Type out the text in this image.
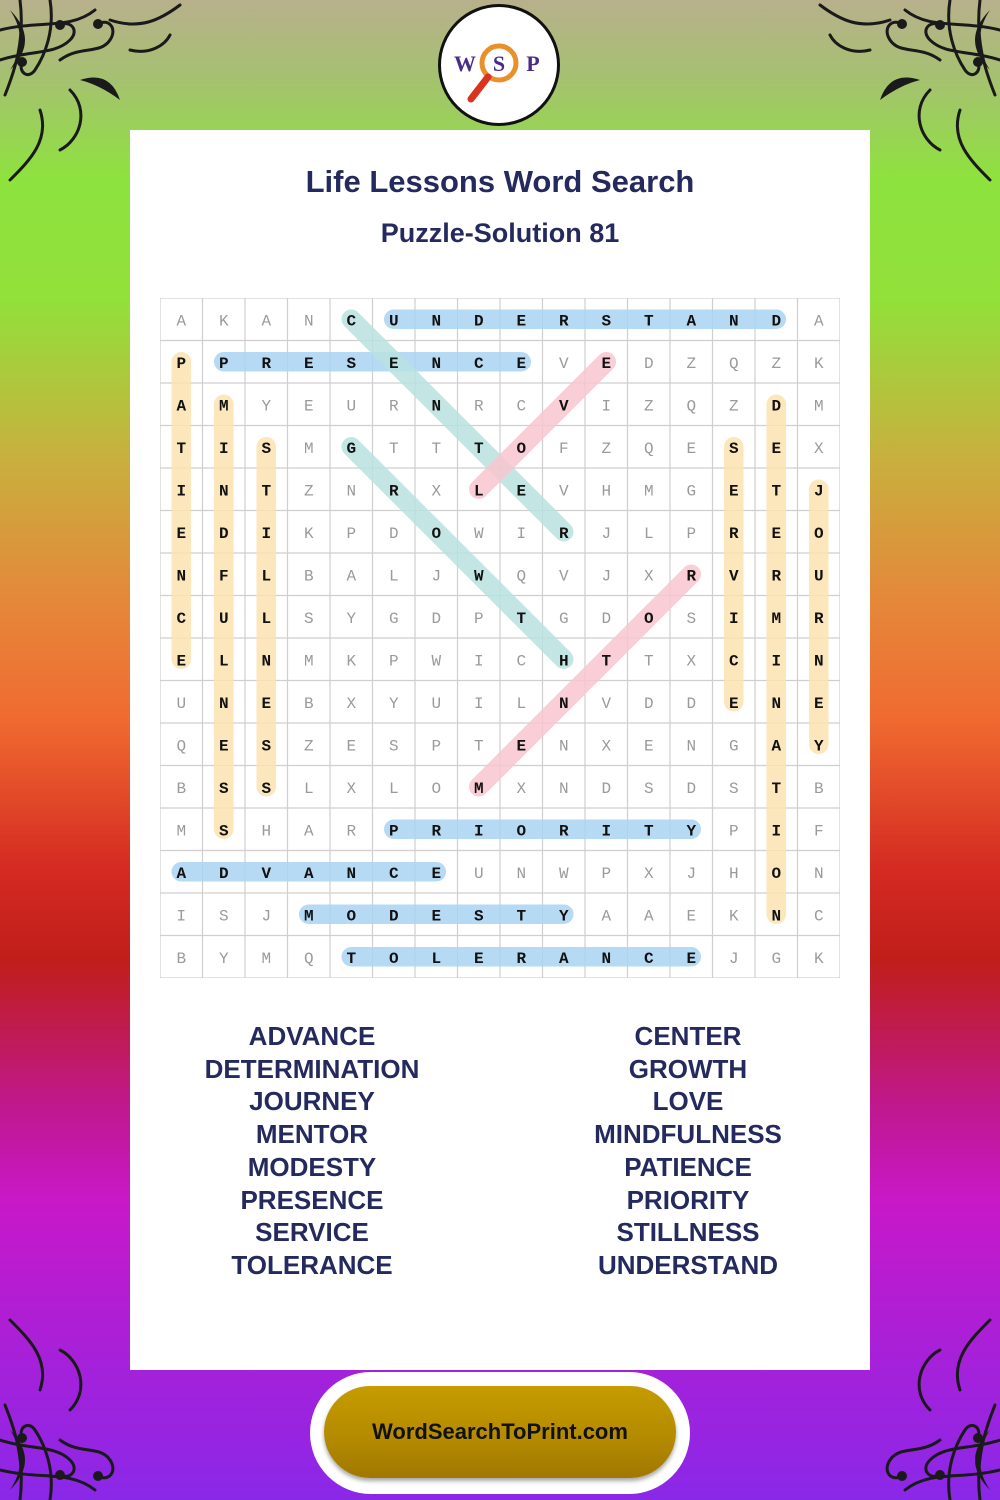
W S P
Life Lessons Word Search
Puzzle-Solution 81
A K A N C U N D E R S T A N D A
P P R E S E N C E V E D Z Q Z K
A M Y E U R N R C V I Z Q Z D M
T I S M G T T T O F Z Q E S E X
I N T Z N R X L E V H M G E T J
E D I K P D O W I R J L P R E O
N F L B A L J W Q V J X R V R U
C U L S Y G D P T G D O S I M R
E L N M K P W I C H T T X C I N
U N E B X Y U I L N V D D E N E
Q E S Z E S P T E N X E N G A Y
B S S L X L O M X N D S D S T B
M S H A R P R I O R I T Y P I F
A D V A N C E U N W P X J H O N
I S J M O D E S T Y A A E K N C
B Y M Q T O L E R A N C E J G K
ADVANCE
DETERMINATION
JOURNEY
MENTOR
MODESTY
PRESENCE
SERVICE
TOLERANCE
CENTER
GROWTH
LOVE
MINDFULNESS
PATIENCE
PRIORITY
STILLNESS
UNDERSTAND
WordSearchToPrint.com
